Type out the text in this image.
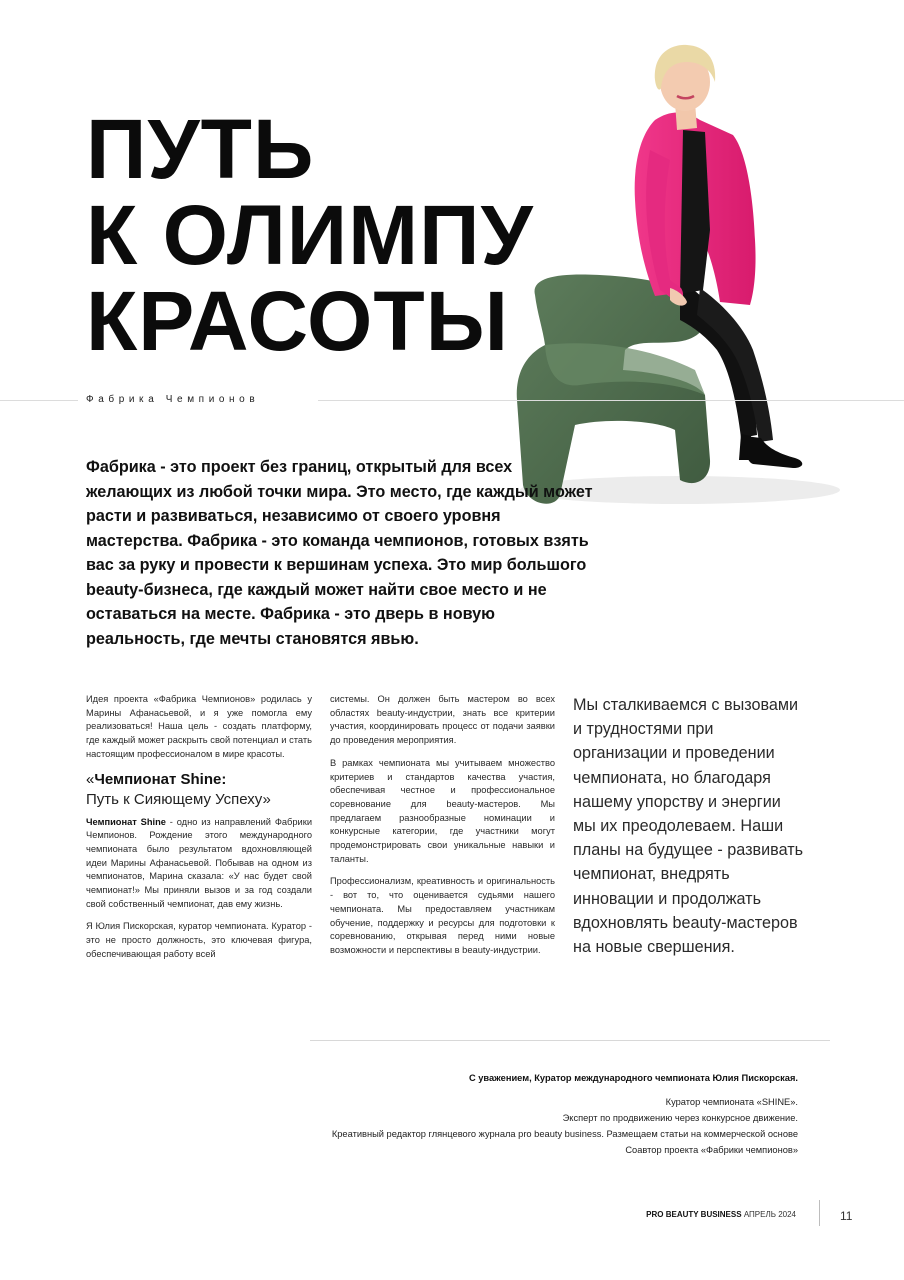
ПУТЬ
К ОЛИМПУ
КРАСОТЫ
Фабрика Чемпионов
Фабрика - это проект без границ, открытый для всех желающих из любой точки мира. Это место, где каждый может расти и развиваться, независимо от своего уровня мастерства. Фабрика - это команда чемпионов, готовых взять вас за руку и провести к вершинам успеха. Это мир большого beauty-бизнеса, где каждый может найти свое место и не оставаться на месте. Фабрика - это дверь в новую реальность, где мечты становятся явью.

Идея проекта «Фабрика Чемпионов» родилась у Марины Афанасьевой, и я уже помогла ему реализоваться! Наша цель - создать платформу, где каждый может раскрыть свой потенциал и стать настоящим профессионалом в мире красоты.

«Чемпионат Shine:
Путь к Сияющему Успеху»

Чемпионат Shine - одно из направлений Фабрики Чемпионов. Рождение этого международного чемпионата было результатом вдохновляющей идеи Марины Афанасьевой. Побывав на одном из чемпионатов, Марина сказала: «У нас будет свой чемпионат!» Мы приняли вызов и за год создали свой собственный чемпионат, дав ему жизнь.

Я Юлия Пискорская, куратор чемпионата. Куратор - это не просто должность, это ключевая фигура, обеспечивающая работу всей

системы. Он должен быть мастером во всех областях beauty-индустрии, знать все критерии участия, координировать процесс от подачи заявки до проведения мероприятия.

В рамках чемпионата мы учитываем множество критериев и стандартов качества участия, обеспечивая честное и профессиональное соревнование для beauty-мастеров. Мы предлагаем разнообразные номинации и конкурсные категории, где участники могут продемонстрировать свои уникальные навыки и таланты.

Профессионализм, креативность и оригинальность - вот то, что оценивается судьями нашего чемпионата. Мы предоставляем участникам обучение, поддержку и ресурсы для подготовки к соревнованию, открывая перед ними новые возможности и перспективы в beauty-индустрии.

Мы сталкиваемся с вызовами и трудностями при организации и проведении чемпионата, но благодаря нашему упорству и энергии мы их преодолеваем. Наши планы на будущее - развивать чемпионат, внедрять инновации и продолжать вдохновлять beauty-мастеров на новые свершения.
С уважением, Куратор международного чемпионата Юлия Пискорская.
Куратор чемпионата «SHINE».
Эксперт по продвижению через конкурсное движение.
Креативный редактор глянцевого журнала pro beauty business. Размещаем статьи на коммерческой основе
Соавтор проекта «Фабрики чемпионов»
PRO BEAUTY BUSINESS АПРЕЛЬ 2024	11
